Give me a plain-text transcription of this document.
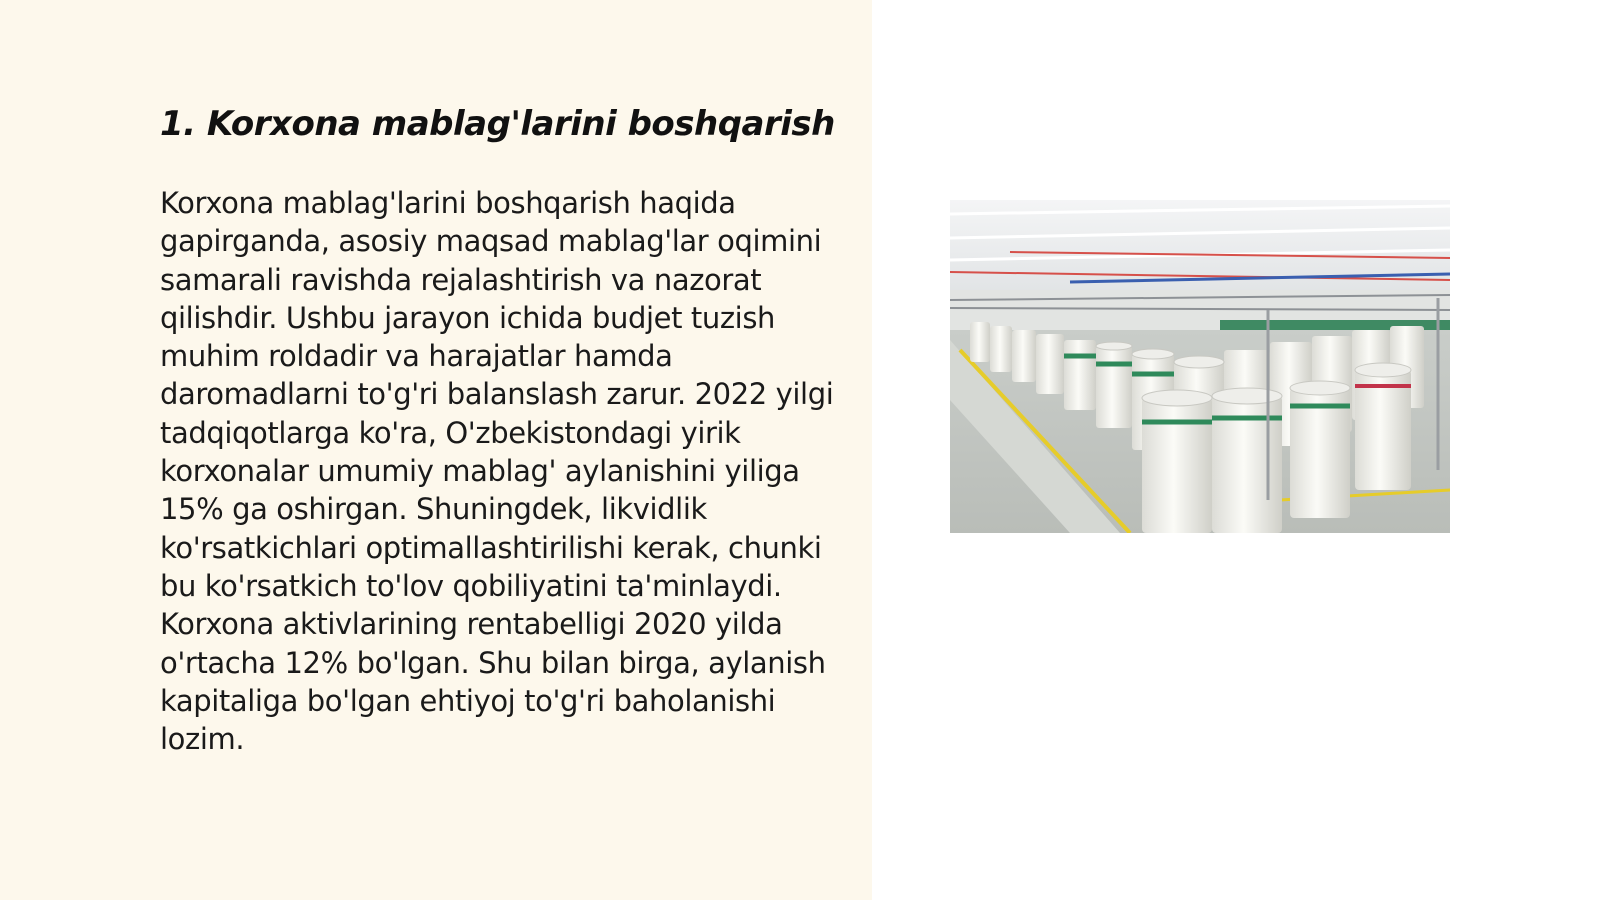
1. Korxona mablag'larini boshqarish

Korxona mablag'larini boshqarish haqida gapirganda, asosiy maqsad mablag'lar oqimini samarali ravishda rejalashtirish va nazorat qilishdir. Ushbu jarayon ichida budjet tuzish muhim roldadir va harajatlar hamda daromadlarni to'g'ri balanslash zarur. 2022 yilgi tadqiqotlarga ko'ra, O'zbekistondagi yirik korxonalar umumiy mablag' aylanishini yiliga 15% ga oshirgan. Shuningdek, likvidlik ko'rsatkichlari optimallashtirilishi kerak, chunki bu ko'rsatkich to'lov qobiliyatini ta'minlaydi. Korxona aktivlarining rentabelligi 2020 yilda o'rtacha 12% bo'lgan. Shu bilan birga, aylanish kapitaliga bo'lgan ehtiyoj to'g'ri baholanishi lozim.
